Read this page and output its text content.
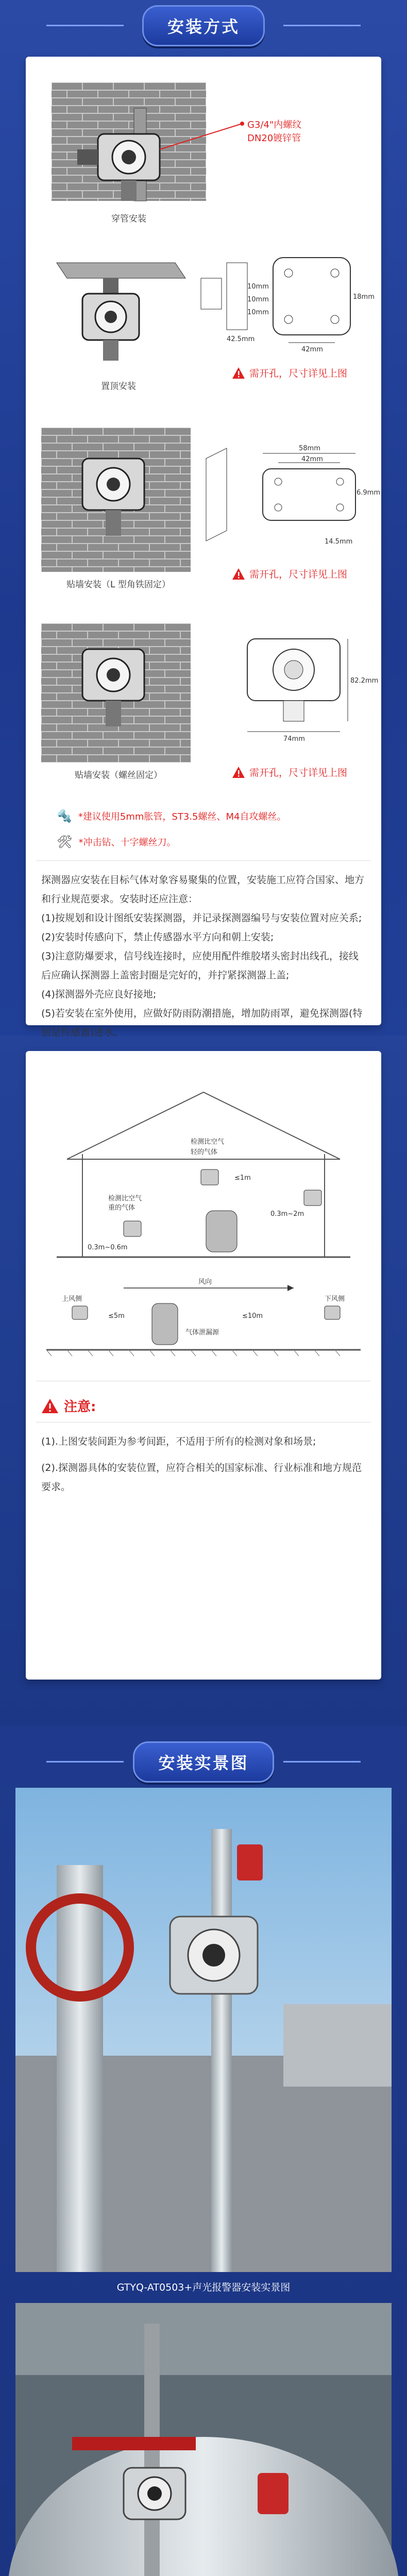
安装方式
G3/4"内螺纹
DN20镀锌管
穿管安装
置顶安装
42mm
42.5mm
10mm
10mm
10mm
18mm
需开孔，尺寸详见上图
贴墙安装（L 型角铁固定）
58mm
42mm
14.5mm
6.9mm
需开孔，尺寸详见上图
贴墙安装（螺丝固定）
82.2mm
74mm
需开孔，尺寸详见上图
🔩 *建议使用5mm胀管，ST3.5螺丝、M4自攻螺丝。
🛠 *冲击钻、十字螺丝刀。

探测器应安装在目标气体对象容易聚集的位置，安装施工应符合国家、地方和行业规范要求。安装时还应注意：

(1)按规划和设计图纸安装探测器，并记录探测器编号与安装位置对应关系;

(2)安装时传感向下，禁止传感器水平方向和朝上安装;

(3)注意防爆要求，信号线连接时，应使用配件维胶堵头密封出线孔，接线后应确认探测器上盖密封圈是完好的，并拧紧探测器上盖;

(4)探测器外壳应良好接地;

(5)若安装在室外使用，应做好防雨防潮措施，增加防雨罩，避免探测器(特别是传感器)进水。

检测比空气
轻的气体
≤1m
0.3m~2m
检测比空气
重的气体
0.3m~0.6m
风向
上风侧	下风侧
≤5m	≤10m
气体泄漏源
注意:

(1).上图安装间距为参考间距，不适用于所有的检测对象和场景;

(2).探测器具体的安装位置，应符合相关的国家标准、行业标准和地方规范要求。

安装实景图
GTYQ-AT0503+声光报警器安装实景图
